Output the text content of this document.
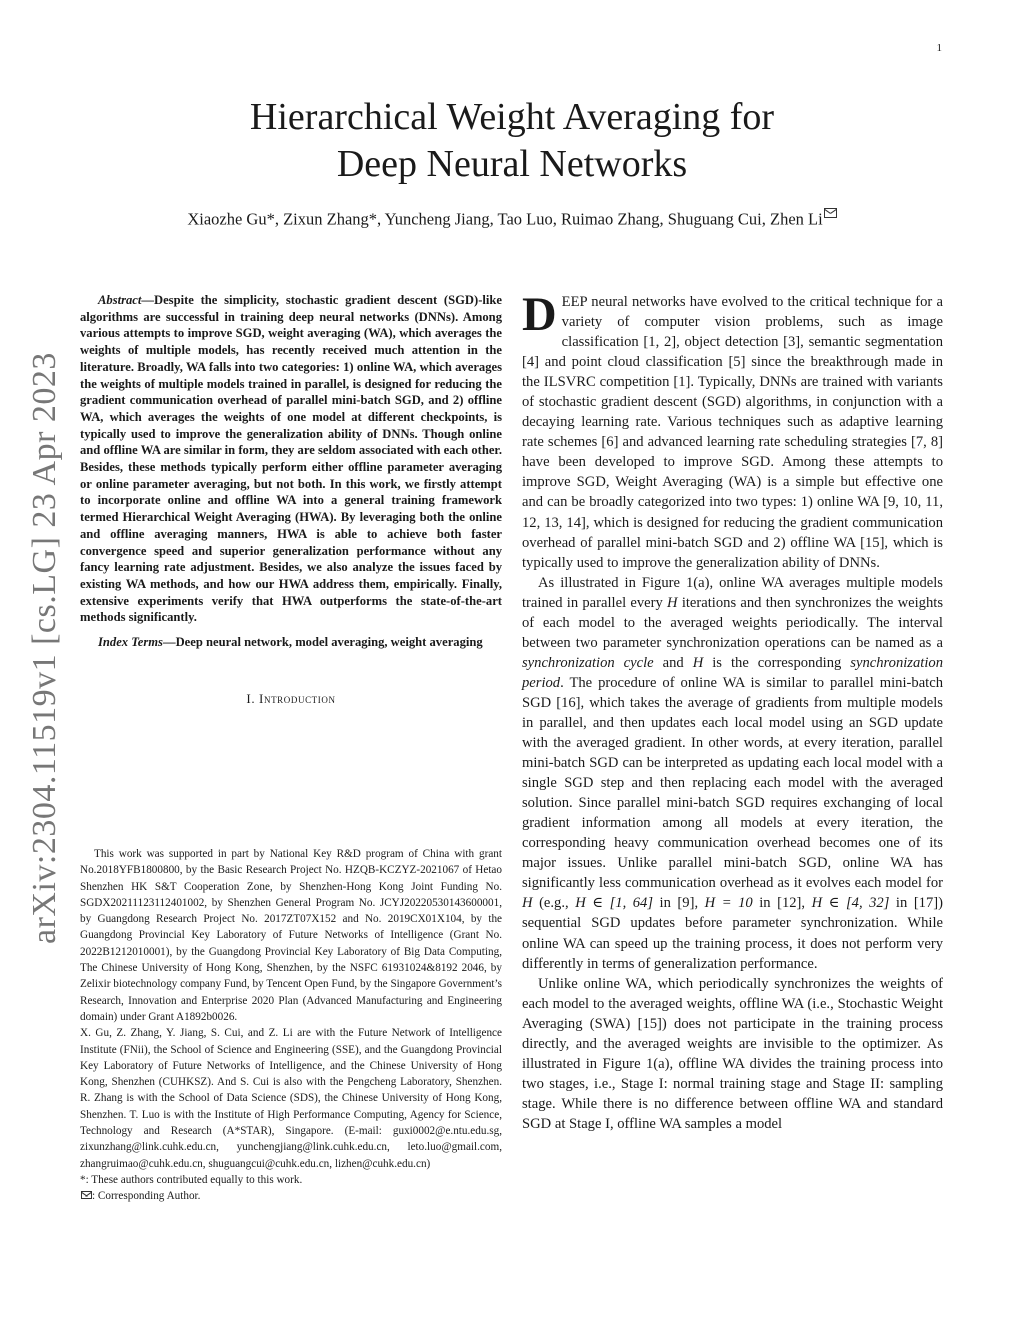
1
arXiv:2304.11519v1 [cs.LG] 23 Apr 2023
Hierarchical Weight Averaging for
Deep Neural Networks
Xiaozhe Gu*, Zixun Zhang*, Yuncheng Jiang, Tao Luo, Ruimao Zhang, Shuguang Cui, Zhen Li

Abstract—Despite the simplicity, stochastic gradient descent (SGD)-like algorithms are successful in training deep neural networks (DNNs). Among various attempts to improve SGD, weight averaging (WA), which averages the weights of multiple models, has recently received much attention in the literature. Broadly, WA falls into two categories: 1) online WA, which averages the weights of multiple models trained in parallel, is designed for reducing the gradient communication overhead of parallel mini-batch SGD, and 2) offline WA, which averages the weights of one model at different checkpoints, is typically used to improve the generalization ability of DNNs. Though online and offline WA are similar in form, they are seldom associated with each other. Besides, these methods typically perform either offline parameter averaging or online parameter averaging, but not both. In this work, we firstly attempt to incorporate online and offline WA into a general training framework termed Hierarchical Weight Averaging (HWA). By leveraging both the online and offline averaging manners, HWA is able to achieve both faster convergence speed and superior generalization performance without any fancy learning rate adjustment. Besides, we also analyze the issues faced by existing WA methods, and how our HWA address them, empirically. Finally, extensive experiments verify that HWA outperforms the state-of-the-art methods significantly.

Index Terms—Deep neural network, model averaging, weight averaging

I. Introduction

This work was supported in part by National Key R&D program of China with grant No.2018YFB1800800, by the Basic Research Project No. HZQB-KCZYZ-2021067 of Hetao Shenzhen HK S&T Cooperation Zone, by Shenzhen-Hong Kong Joint Funding No. SGDX20211123112401002, by Shenzhen General Program No. JCYJ20220530143600001, by Guangdong Research Project No. 2017ZT07X152 and No. 2019CX01X104, by the Guangdong Provincial Key Laboratory of Future Networks of Intelligence (Grant No. 2022B1212010001), by the Guangdong Provincial Key Laboratory of Big Data Computing, The Chinese University of Hong Kong, Shenzhen, by the NSFC 61931024&8192 2046, by Zelixir biotechnology company Fund, by Tencent Open Fund, by the Singapore Government’s Research, Innovation and Enterprise 2020 Plan (Advanced Manufacturing and Engineering domain) under Grant A1892b0026.

X. Gu, Z. Zhang, Y. Jiang, S. Cui, and Z. Li are with the Future Network of Intelligence Institute (FNii), the School of Science and Engineering (SSE), and the Guangdong Provincial Key Laboratory of Future Networks of Intelligence, and the Chinese University of Hong Kong, Shenzhen (CUHKSZ). And S. Cui is also with the Pengcheng Laboratory, Shenzhen. R. Zhang is with the School of Data Science (SDS), the Chinese University of Hong Kong, Shenzhen. T. Luo is with the Institute of High Performance Computing, Agency for Science, Technology and Research (A*STAR), Singapore. (E-mail: guxi0002@e.ntu.edu.sg, zixunzhang@link.cuhk.edu.cn, yunchengjiang@link.cuhk.edu.cn, leto.luo@gmail.com, zhangruimao@cuhk.edu.cn, shuguangcui@cuhk.edu.cn, lizhen@cuhk.edu.cn)

*: These authors contributed equally to this work.

: Corresponding Author.

DEEP neural networks have evolved to the critical technique for a variety of computer vision problems, such as image classification [1, 2], object detection [3], semantic segmentation [4] and point cloud classification [5] since the breakthrough made in the ILSVRC competition [1]. Typically, DNNs are trained with variants of stochastic gradient descent (SGD) algorithms, in conjunction with a decaying learning rate. Various techniques such as adaptive learning rate schemes [6] and advanced learning rate scheduling strategies [7, 8] have been developed to improve SGD. Among these attempts to improve SGD, Weight Averaging (WA) is a simple but effective one and can be broadly categorized into two types: 1) online WA [9, 10, 11, 12, 13, 14], which is designed for reducing the gradient communication overhead of parallel mini-batch SGD and 2) offline WA [15], which is typically used to improve the generalization ability of DNNs.

As illustrated in Figure 1(a), online WA averages multiple models trained in parallel every H iterations and then synchronizes the weights of each model to the averaged weights periodically. The interval between two parameter synchronization operations can be named as a synchronization cycle and H is the corresponding synchronization period. The procedure of online WA is similar to parallel mini-batch SGD [16], which takes the average of gradients from multiple models in parallel, and then updates each local model using an SGD update with the averaged gradient. In other words, at every iteration, parallel mini-batch SGD can be interpreted as updating each local model with a single SGD step and then replacing each model with the averaged solution. Since parallel mini-batch SGD requires exchanging of local gradient information among all models at every iteration, the corresponding heavy communication overhead becomes one of its major issues. Unlike parallel mini-batch SGD, online WA has significantly less communication overhead as it evolves each model for H (e.g., H ∈ [1, 64] in [9], H = 10 in [12], H ∈ [4, 32] in [17]) sequential SGD updates before parameter synchronization. While online WA can speed up the training process, it does not perform very differently in terms of generalization performance.

Unlike online WA, which periodically synchronizes the weights of each model to the averaged weights, offline WA (i.e., Stochastic Weight Averaging (SWA) [15]) does not participate in the training process directly, and the averaged weights are invisible to the optimizer. As illustrated in Figure 1(a), offline WA divides the training process into two stages, i.e., Stage I: normal training stage and Stage II: sampling stage. While there is no difference between offline WA and standard SGD at Stage I, offline WA samples a model
